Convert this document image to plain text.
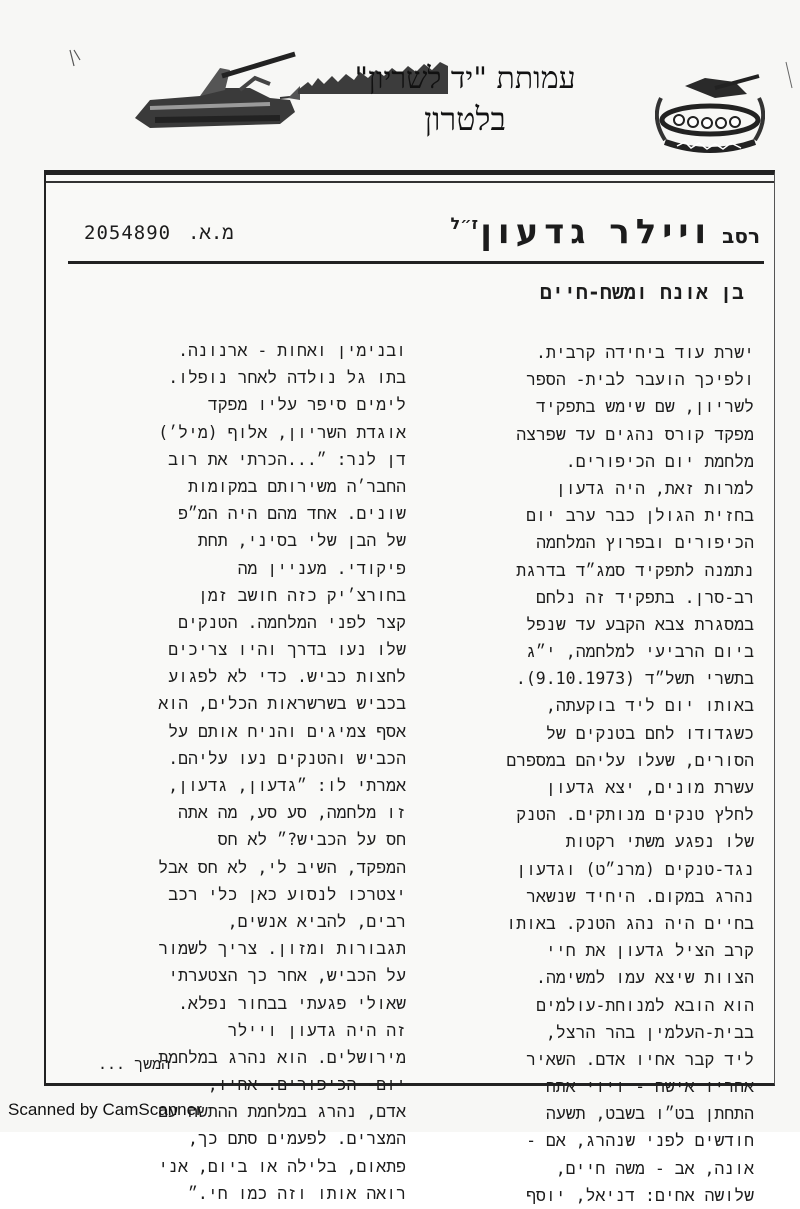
עמותת "יד לשריון"
בלטרון
רסב
ויילר גדעון
ז״ל
מ.א.
2054890
בן אונח ומשח-חיים
ישרת עוד ביחידה קרבית.
ולפיכך הועבר לבית- הספר
לשריון, שם שימש בתפקיד
מפקד קורס נהגים עד שפרצה
מלחמת יום הכיפורים.
למרות זאת, היה גדעון
בחזית הגולן כבר ערב יום
הכיפורים ובפרוץ המלחמה
נתמנה לתפקיד סמג״ד בדרגת
רב-סרן. בתפקיד זה נלחם
במסגרת צבא הקבע עד שנפל
ביום הרביעי למלחמה, י״ג
בתשרי תשל״ד (9.10.1973).
באותו יום ליד בוקעתה,
כשגדודו לחם בטנקים של
הסורים, שעלו עליהם במספרם
עשרת מונים, יצא גדעון
לחלץ טנקים מנותקים. הטנק
שלו נפגע משתי רקטות
נגד-טנקים (מרנ״ט) וגדעון
נהרג במקום. היחיד שנשאר
בחיים היה נהג הטנק. באותו
קרב הציל גדעון את חיי
הצוות שיצא עמו למשימה.
הוא הובא למנוחת-עולמים
בבית-העלמין בהר הרצל,
ליד קבר אחיו אדם. השאיר
אחריו אישה - ויוי אתה
התחתן בט״ו בשבט, תשעה
חודשים לפני שנהרג, אם -
אונה, אב - משה חיים,
שלושה אחים: דניאל, יוסף
ובנימין ואחות - ארנונה.
בתו גל נולדה לאחר נופלו.
לימים סיפר עליו מפקד
אוגדת השריון, אלוף (מיל׳)
דן לנר: ״...הכרתי את רוב
החבר׳ה משירותם במקומות
שונים. אחד מהם היה המ״פ
של הבן שלי בסיני, תחת
פיקודי. מעניין מה
בחורצ׳יק כזה חושב זמן
קצר לפני המלחמה. הטנקים
שלו נעו בדרך והיו צריכים
לחצות כביש. כדי לא לפגוע
בכביש בשרשראות הכלים, הוא
אסף צמיגים והניח אותם על
הכביש והטנקים נעו עליהם.
אמרתי לו: ״גדעון, גדעון,
זו מלחמה, סע סע, מה אתה
חס על הכביש?״ לא חס
המפקד, השיב לי, לא חס אבל
יצטרכו לנסוע כאן כלי רכב
רבים, להביא אנשים,
תגבורות ומזון. צריך לשמור
על הכביש, אחר כך הצטערתי
שאולי פגעתי בבחור נפלא.
זה היה גדעון ויילר
מירושלים. הוא נהרג במלחמת
יום- הכיפורים. אחיו,
אדם, נהרג במלחמת ההתשה עם
המצרים. לפעמים סתם כך,
פתאום, בלילה או ביום, אני
רואה אותו וזה כמו חי.״
המשך ...
Scanned by CamScanner
